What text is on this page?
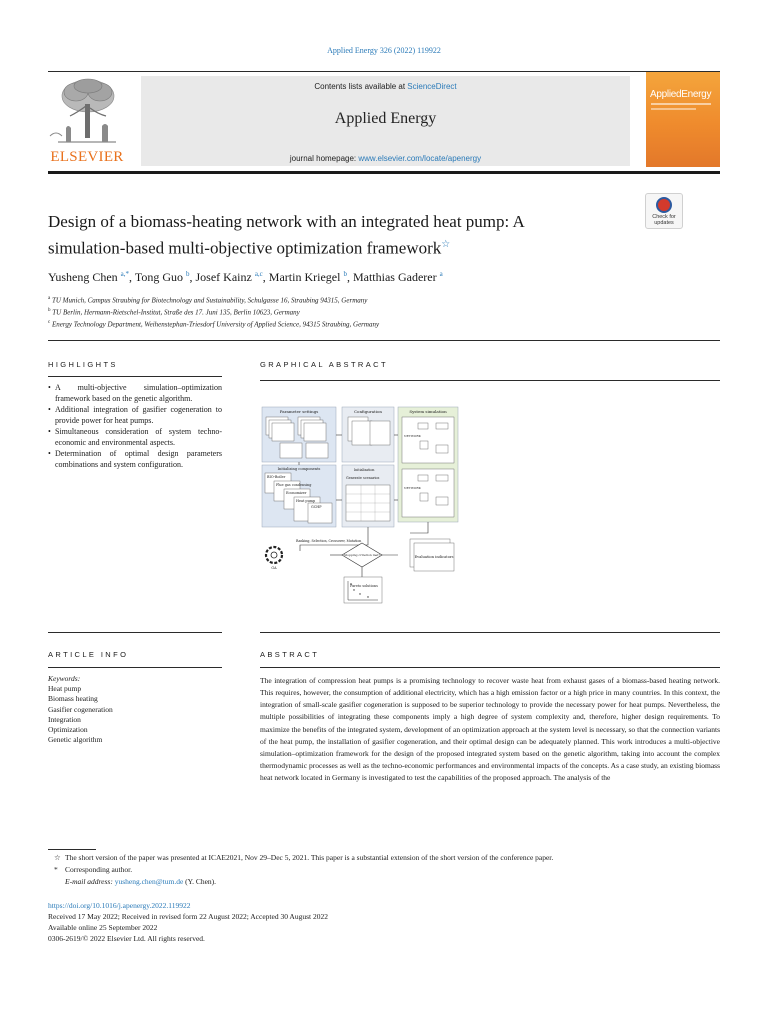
Applied Energy 326 (2022) 119922
ELSEVIER
Contents lists available at ScienceDirect
Applied Energy
journal homepage: www.elsevier.com/locate/apenergy
AppliedEnergy
Design of a biomass-heating network with an integrated heat pump: A
simulation-based multi-objective optimization framework☆
Check for
updates
Yusheng Chen $^{a,*}$, Tong Guo $^b$, Josef Kainz $^{a,c}$, Martin Kriegel $^b$, Matthias Gaderer $^a$
$^a$ TU Munich, Campus Straubing for Biotechnology and Sustainability, Schulgasse 16, Straubing 94315, Germany
$^b$ TU Berlin, Hermann-Rietschel-Institut, Straße des 17. Juni 135, Berlin 10623, Germany
$^c$ Energy Technology Department, Weihenstephan-Triesdorf University of Applied Science, 94315 Straubing, Germany
HIGHLIGHTS
• A multi-objective simulation–optimization framework based on the genetic algorithm.
• Additional integration of gasifier cogeneration to provide power for heat pumps.
• Simultaneous consideration of system techno-economic and environmental aspects.
• Determination of optimal design parameters combinations and system configuration.
GRAPHICAL ABSTRACT
Parameter settings	Configuration	System simulation
NETWORK
NETWORK
Initializing components
BIO-Boiler
Flue gas condensing
Economizer
Heat pump
GCHP
Initialization
Generate scenarios
Ranking, Selection, Crossover, Mutation
GA
Stopping criterion met?	Evaluation indicators
Pareto solutions
ARTICLE INFO
Keywords:
Heat pump
Biomass heating
Gasifier cogeneration
Integration
Optimization
Genetic algorithm
ABSTRACT
The integration of compression heat pumps is a promising technology to recover waste heat from exhaust gases of a biomass-based heating network. This requires, however, the consumption of additional electricity, which has a high emission factor or a high price in many countries. In this context, the integration of small-scale gasifier cogeneration is supposed to be superior technology to provide the necessary power for heat pumps. Nevertheless, the multiple possibilities of integrating these components imply a high degree of system complexity and, therefore, higher design requirements. To maximize the benefits of the integrated system, development of an optimization approach at the system level is necessary, so that the connection variants of the heat pump, the installation of gasifier cogeneration, and their optimal design can be adequately planned. This work introduces a multi-objective simulation–optimization framework for the design of the proposed integrated system based on the genetic algorithm, taking into account the complex thermodynamic processes as well as the techno-economic performances and environmental impacts of the concepts. As a case study, an existing biomass heat network located in Germany is investigated to test the capabilities of the proposed approach. The analysis of the
☆ The short version of the paper was presented at ICAE2021, Nov 29–Dec 5, 2021. This paper is a substantial extension of the short version of the conference paper.
* Corresponding author.
E-mail address: yusheng.chen@tum.de (Y. Chen).
https://doi.org/10.1016/j.apenergy.2022.119922
Received 17 May 2022; Received in revised form 22 August 2022; Accepted 30 August 2022
Available online 25 September 2022
0306-2619/© 2022 Elsevier Ltd. All rights reserved.
